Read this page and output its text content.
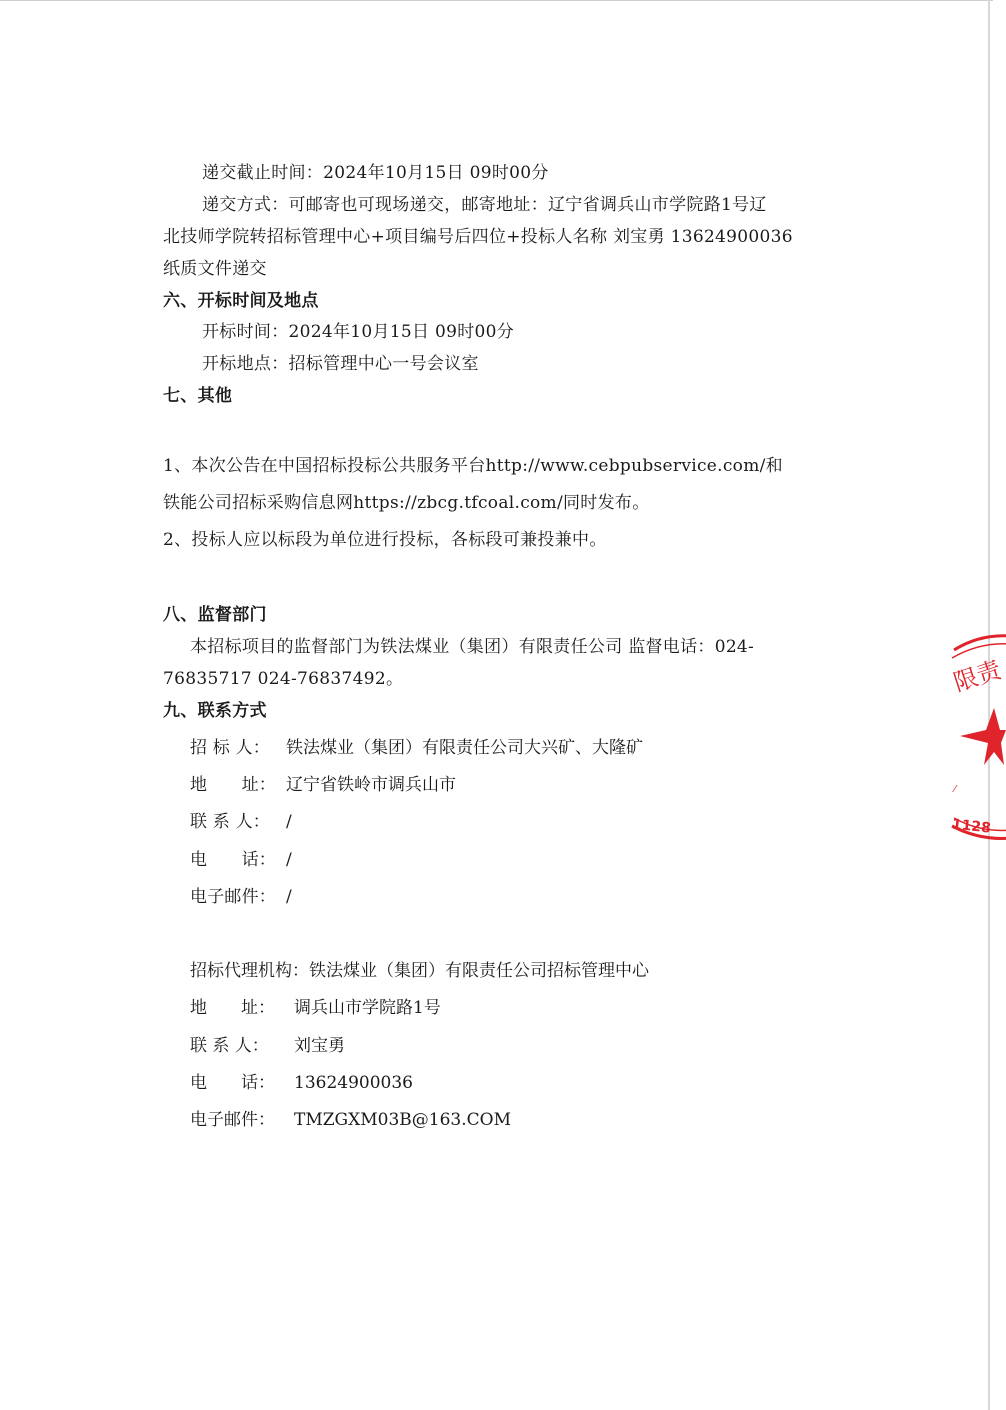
递交截止时间：2024年10月15日 09时00分
递交方式：可邮寄也可现场递交，邮寄地址：辽宁省调兵山市学院路1号辽
北技师学院转招标管理中心+项目编号后四位+投标人名称 刘宝勇 13624900036
纸质文件递交
六、开标时间及地点
开标时间：2024年10月15日 09时00分
开标地点：招标管理中心一号会议室
七、其他
1、本次公告在中国招标投标公共服务平台http://www.cebpubservice.com/和
铁能公司招标采购信息网https://zbcg.tfcoal.com/同时发布。
2、投标人应以标段为单位进行投标，各标段可兼投兼中。
八、监督部门
本招标项目的监督部门为铁法煤业（集团）有限责任公司 监督电话：024-
76835717 024-76837492。
九、联系方式
招 标 人： 铁法煤业（集团）有限责任公司大兴矿、大隆矿
地　　址： 辽宁省铁岭市调兵山市
联 系 人： /
电　　话： /
电子邮件： /
招标代理机构：铁法煤业（集团）有限责任公司招标管理中心
地　　址： 调兵山市学院路1号
联 系 人： 刘宝勇
电　　话： 13624900036
电子邮件： TMZGXM03B@163.COM
限责
⁄
1128
